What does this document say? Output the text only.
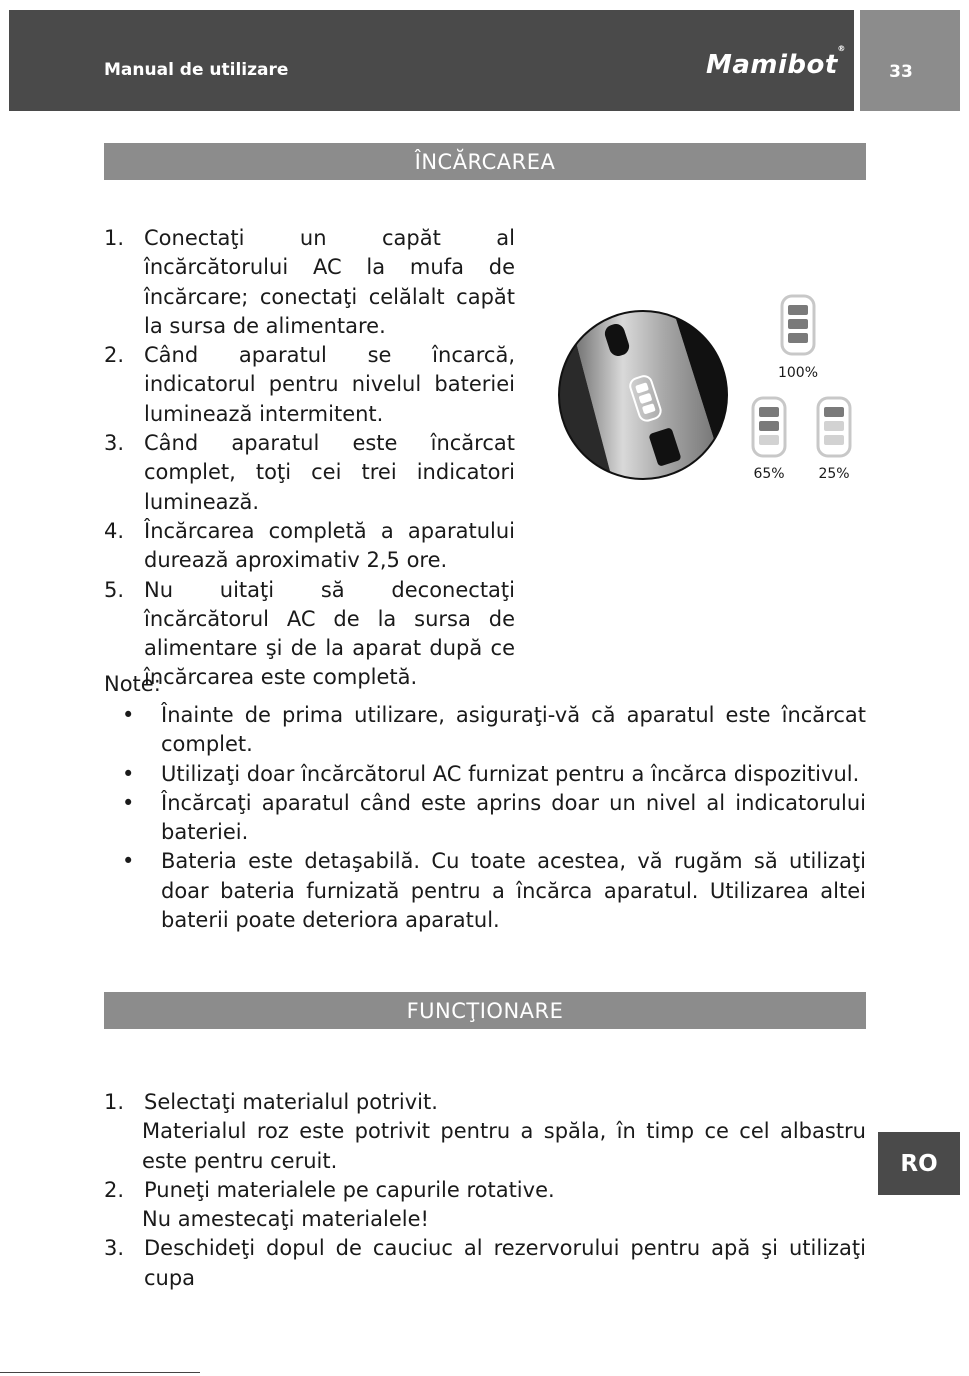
Manual de utilizare	Mamibot
®
33
ÎNCĂRCAREA
1. Conectaţi un capăt al încărcătorului AC la mufa de încărcare; conectaţi celălalt capăt la sursa de alimentare.
2. Când aparatul se încarcă, indicatorul pentru nivelul bateriei luminează intermitent.
3. Când aparatul este încărcat complet, toţi cei trei indicatori luminează.
4. Încărcarea completă a aparatului durează aproximativ 2,5 ore.
5. Nu uitaţi să deconectaţi încărcătorul AC de la sursa de alimentare şi de la aparat după ce încărcarea este completă.
100%
65% 25%
Note:
• Înainte de prima utilizare, asiguraţi-vă că aparatul este încărcat complet.
• Utilizaţi doar încărcătorul AC furnizat pentru a încărca dispozitivul.
• Încărcaţi aparatul când este aprins doar un nivel al indicatorului bateriei.
• Bateria este detaşabilă. Cu toate acestea, vă rugăm să utilizaţi doar bateria furnizată pentru a încărca aparatul. Utilizarea altei baterii poate deteriora aparatul.
FUNCŢIONARE
1. Selectaţi materialul potrivit.
Materialul roz este potrivit pentru a spăla, în timp ce cel albastru este pentru ceruit.
2. Puneţi materialele pe capurile rotative.
Nu amestecaţi materialele!
3. Deschideţi dopul de cauciuc al rezervorului pentru apă şi utilizaţi cupa
RO
